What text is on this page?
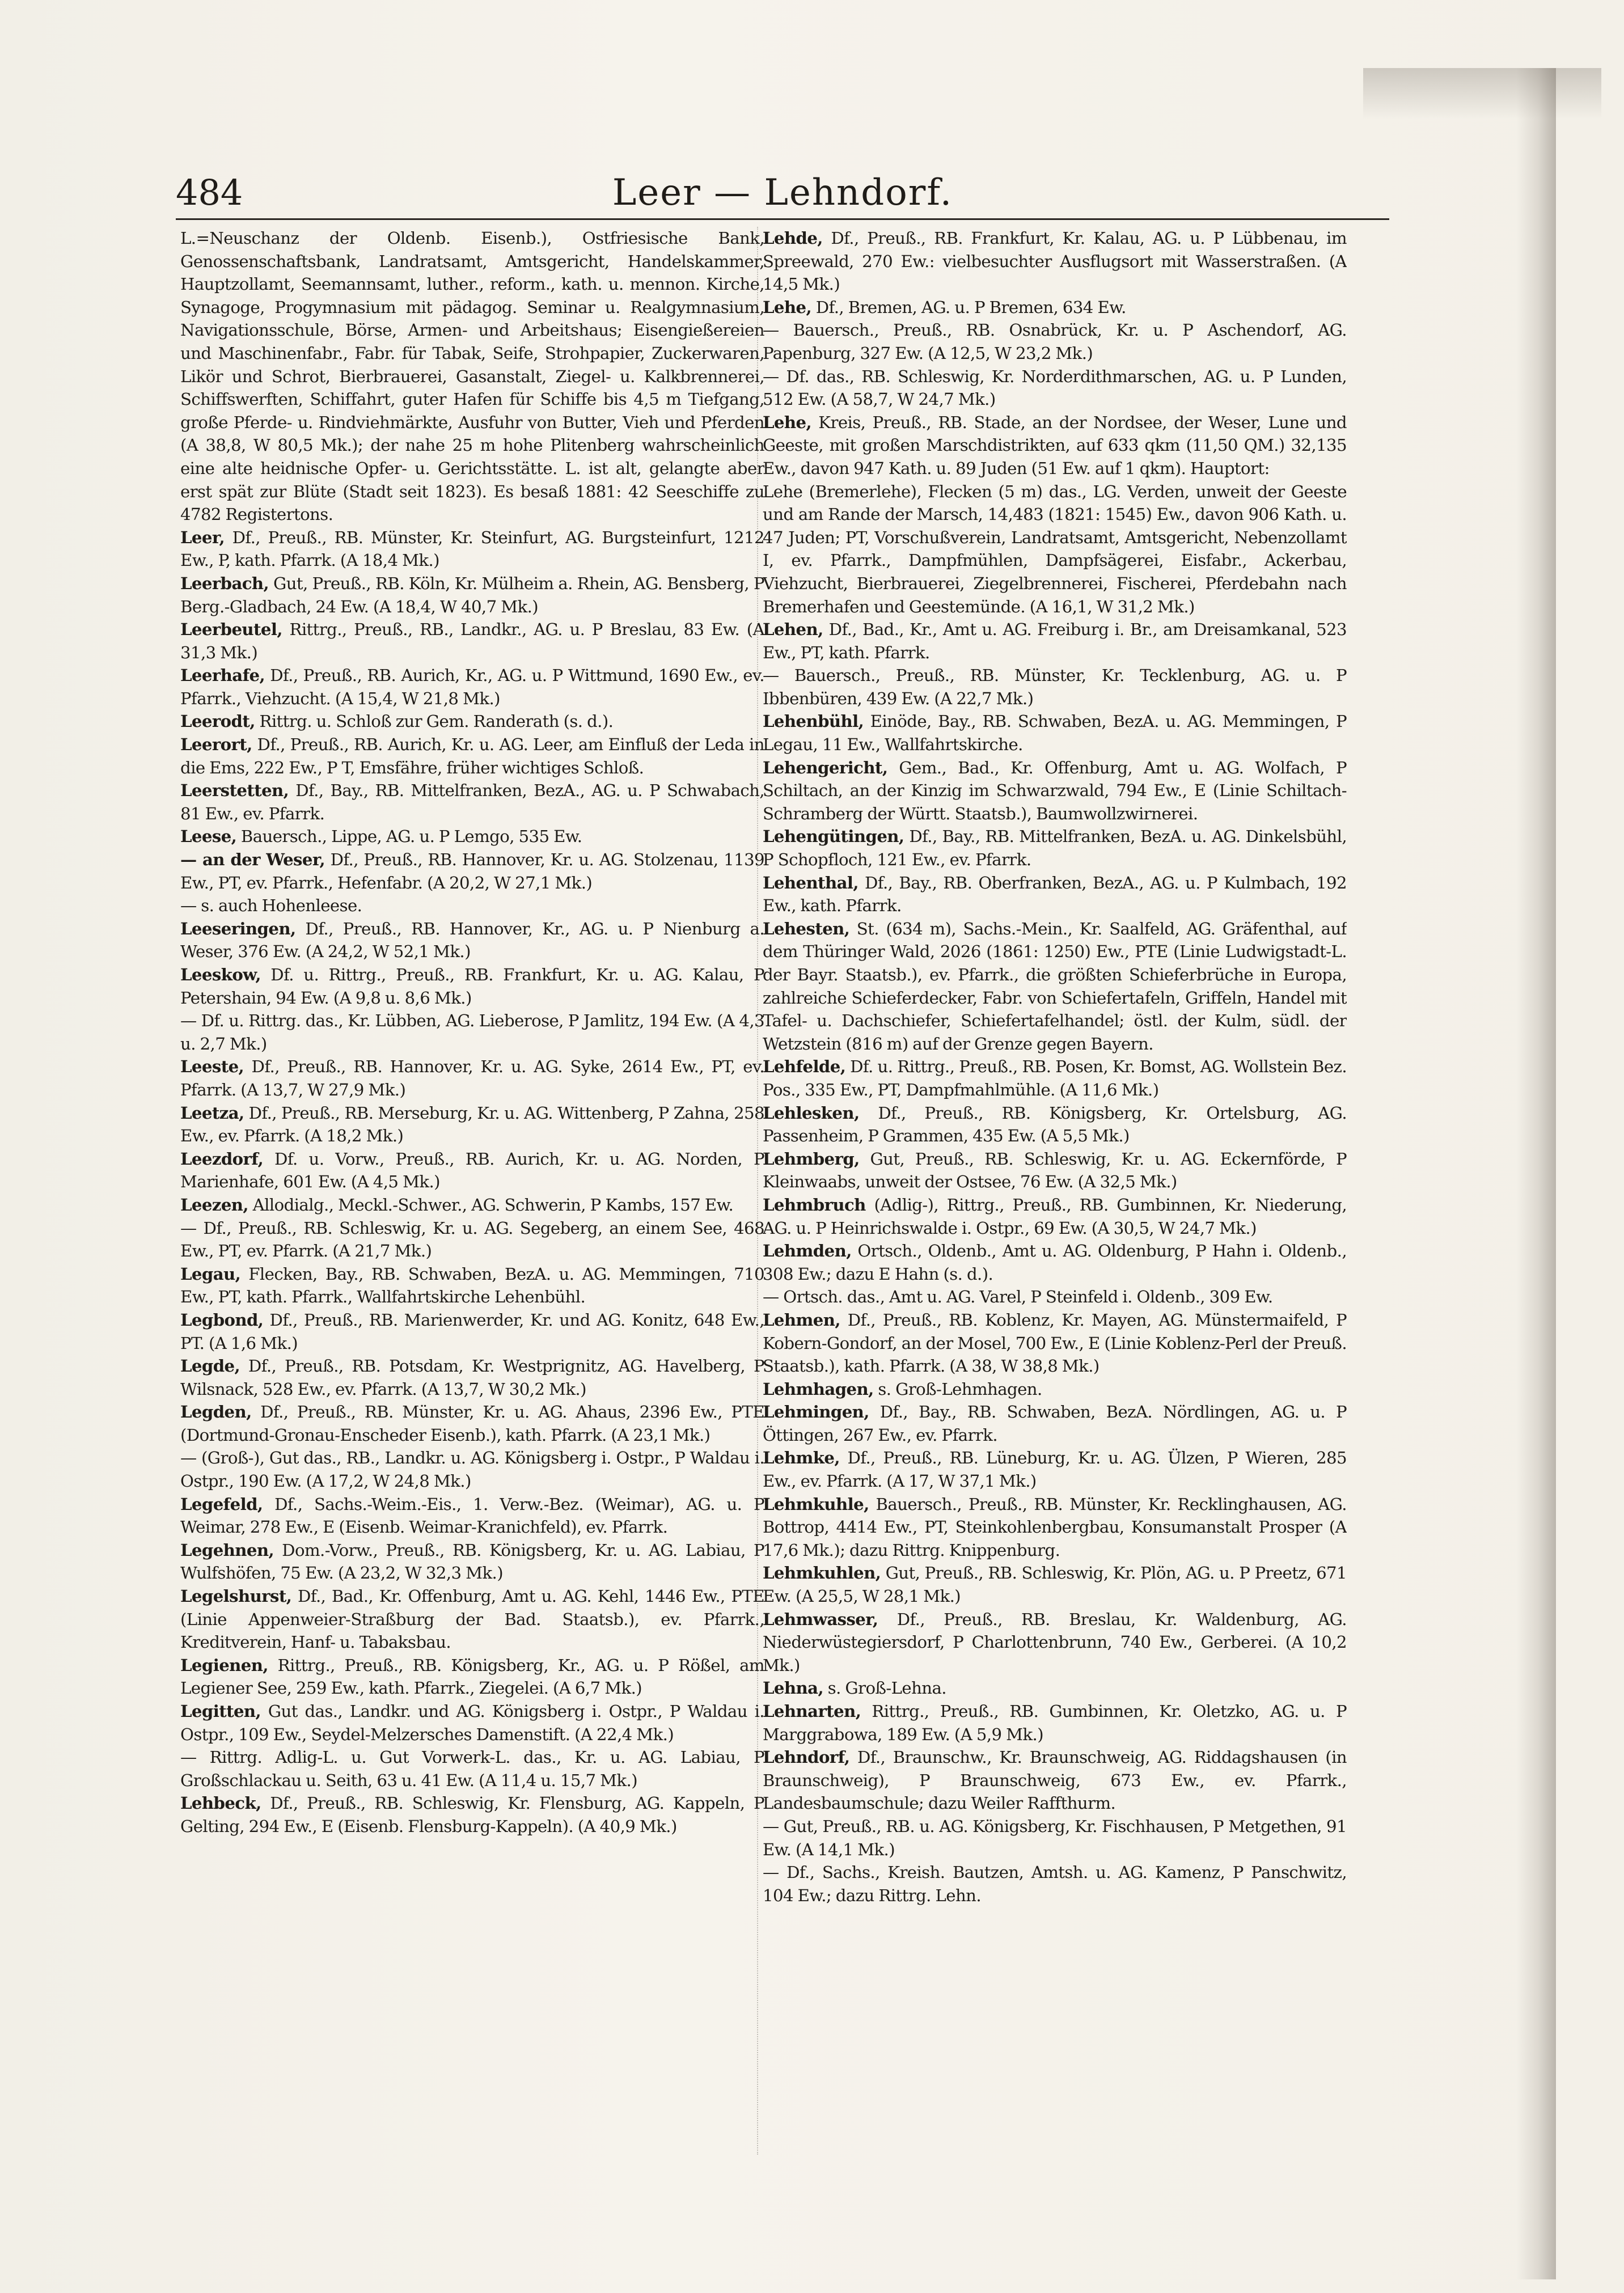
484	Leer — Lehndorf.

L.=Neuschanz der Oldenb. Eisenb.), Ostfriesische Bank, Genossenschaftsbank, Landratsamt, Amtsgericht, Handelskammer, Hauptzollamt, Seemannsamt, luther., reform., kath. u. mennon. Kirche, Synagoge, Progymnasium mit pädagog. Seminar u. Realgymnasium, Navigationsschule, Börse, Armen- und Arbeitshaus; Eisengießereien und Maschinenfabr., Fabr. für Tabak, Seife, Strohpapier, Zuckerwaren, Likör und Schrot, Bierbrauerei, Gasanstalt, Ziegel- u. Kalkbrennerei, Schiffswerften, Schiffahrt, guter Hafen für Schiffe bis 4,5 m Tiefgang, große Pferde- u. Rindviehmärkte, Ausfuhr von Butter, Vieh und Pferden (A 38,8, W 80,5 Mk.); der nahe 25 m hohe Plitenberg wahrscheinlich eine alte heidnische Opfer- u. Gerichtsstätte. L. ist alt, gelangte aber erst spät zur Blüte (Stadt seit 1823). Es besaß 1881: 42 Seeschiffe zu 4782 Registertons.

Leer, Df., Preuß., RB. Münster, Kr. Steinfurt, AG. Burgsteinfurt, 1212 Ew., P, kath. Pfarrk. (A 18,4 Mk.)

Leerbach, Gut, Preuß., RB. Köln, Kr. Mülheim a. Rhein, AG. Bensberg, P Berg.-Gladbach, 24 Ew. (A 18,4, W 40,7 Mk.)

Leerbeutel, Rittrg., Preuß., RB., Landkr., AG. u. P Breslau, 83 Ew. (A 31,3 Mk.)

Leerhafe, Df., Preuß., RB. Aurich, Kr., AG. u. P Wittmund, 1690 Ew., ev. Pfarrk., Viehzucht. (A 15,4, W 21,8 Mk.)

Leerodt, Rittrg. u. Schloß zur Gem. Randerath (s. d.).

Leerort, Df., Preuß., RB. Aurich, Kr. u. AG. Leer, am Einfluß der Leda in die Ems, 222 Ew., P T, Emsfähre, früher wichtiges Schloß.

Leerstetten, Df., Bay., RB. Mittelfranken, BezA., AG. u. P Schwabach, 81 Ew., ev. Pfarrk.

Leese, Bauersch., Lippe, AG. u. P Lemgo, 535 Ew.

— an der Weser, Df., Preuß., RB. Hannover, Kr. u. AG. Stolzenau, 1139 Ew., PT, ev. Pfarrk., Hefenfabr. (A 20,2, W 27,1 Mk.)

— s. auch Hohenleese.

Leeseringen, Df., Preuß., RB. Hannover, Kr., AG. u. P Nienburg a. Weser, 376 Ew. (A 24,2, W 52,1 Mk.)

Leeskow, Df. u. Rittrg., Preuß., RB. Frankfurt, Kr. u. AG. Kalau, P Petershain, 94 Ew. (A 9,8 u. 8,6 Mk.)

— Df. u. Rittrg. das., Kr. Lübben, AG. Lieberose, P Jamlitz, 194 Ew. (A 4,3 u. 2,7 Mk.)

Leeste, Df., Preuß., RB. Hannover, Kr. u. AG. Syke, 2614 Ew., PT, ev. Pfarrk. (A 13,7, W 27,9 Mk.)

Leetza, Df., Preuß., RB. Merseburg, Kr. u. AG. Wittenberg, P Zahna, 258 Ew., ev. Pfarrk. (A 18,2 Mk.)

Leezdorf, Df. u. Vorw., Preuß., RB. Aurich, Kr. u. AG. Norden, P Marienhafe, 601 Ew. (A 4,5 Mk.)

Leezen, Allodialg., Meckl.-Schwer., AG. Schwerin, P Kambs, 157 Ew.

— Df., Preuß., RB. Schleswig, Kr. u. AG. Segeberg, an einem See, 468 Ew., PT, ev. Pfarrk. (A 21,7 Mk.)

Legau, Flecken, Bay., RB. Schwaben, BezA. u. AG. Memmingen, 710 Ew., PT, kath. Pfarrk., Wallfahrtskirche Lehenbühl.

Legbond, Df., Preuß., RB. Marienwerder, Kr. und AG. Konitz, 648 Ew., PT. (A 1,6 Mk.)

Legde, Df., Preuß., RB. Potsdam, Kr. Westprignitz, AG. Havelberg, P Wilsnack, 528 Ew., ev. Pfarrk. (A 13,7, W 30,2 Mk.)

Legden, Df., Preuß., RB. Münster, Kr. u. AG. Ahaus, 2396 Ew., PTE (Dortmund-Gronau-Enscheder Eisenb.), kath. Pfarrk. (A 23,1 Mk.)

— (Groß-), Gut das., RB., Landkr. u. AG. Königsberg i. Ostpr., P Waldau i. Ostpr., 190 Ew. (A 17,2, W 24,8 Mk.)

Legefeld, Df., Sachs.-Weim.-Eis., 1. Verw.-Bez. (Weimar), AG. u. P Weimar, 278 Ew., E (Eisenb. Weimar-Kranichfeld), ev. Pfarrk.

Legehnen, Dom.-Vorw., Preuß., RB. Königsberg, Kr. u. AG. Labiau, P Wulfshöfen, 75 Ew. (A 23,2, W 32,3 Mk.)

Legelshurst, Df., Bad., Kr. Offenburg, Amt u. AG. Kehl, 1446 Ew., PTE (Linie Appenweier-Straßburg der Bad. Staatsb.), ev. Pfarrk., Kreditverein, Hanf- u. Tabaksbau.

Legienen, Rittrg., Preuß., RB. Königsberg, Kr., AG. u. P Rößel, am Legiener See, 259 Ew., kath. Pfarrk., Ziegelei. (A 6,7 Mk.)

Legitten, Gut das., Landkr. und AG. Königsberg i. Ostpr., P Waldau i. Ostpr., 109 Ew., Seydel-Melzersches Damenstift. (A 22,4 Mk.)

— Rittrg. Adlig-L. u. Gut Vorwerk-L. das., Kr. u. AG. Labiau, P Großschlackau u. Seith, 63 u. 41 Ew. (A 11,4 u. 15,7 Mk.)

Lehbeck, Df., Preuß., RB. Schleswig, Kr. Flensburg, AG. Kappeln, P Gelting, 294 Ew., E (Eisenb. Flensburg-Kappeln). (A 40,9 Mk.)

Lehde, Df., Preuß., RB. Frankfurt, Kr. Kalau, AG. u. P Lübbenau, im Spreewald, 270 Ew.: vielbesuchter Ausflugsort mit Wasserstraßen. (A 14,5 Mk.)

Lehe, Df., Bremen, AG. u. P Bremen, 634 Ew.

— Bauersch., Preuß., RB. Osnabrück, Kr. u. P Aschendorf, AG. Papenburg, 327 Ew. (A 12,5, W 23,2 Mk.)

— Df. das., RB. Schleswig, Kr. Norderdithmarschen, AG. u. P Lunden, 512 Ew. (A 58,7, W 24,7 Mk.)

Lehe, Kreis, Preuß., RB. Stade, an der Nordsee, der Weser, Lune und Geeste, mit großen Marschdistrikten, auf 633 qkm (11,50 QM.) 32,135 Ew., davon 947 Kath. u. 89 Juden (51 Ew. auf 1 qkm). Hauptort:

Lehe (Bremerlehe), Flecken (5 m) das., LG. Verden, unweit der Geeste und am Rande der Marsch, 14,483 (1821: 1545) Ew., davon 906 Kath. u. 47 Juden; PT, Vorschußverein, Landratsamt, Amtsgericht, Nebenzollamt I, ev. Pfarrk., Dampfmühlen, Dampfsägerei, Eisfabr., Ackerbau, Viehzucht, Bierbrauerei, Ziegelbrennerei, Fischerei, Pferdebahn nach Bremerhafen und Geestemünde. (A 16,1, W 31,2 Mk.)

Lehen, Df., Bad., Kr., Amt u. AG. Freiburg i. Br., am Dreisamkanal, 523 Ew., PT, kath. Pfarrk.

— Bauersch., Preuß., RB. Münster, Kr. Tecklenburg, AG. u. P Ibbenbüren, 439 Ew. (A 22,7 Mk.)

Lehenbühl, Einöde, Bay., RB. Schwaben, BezA. u. AG. Memmingen, P Legau, 11 Ew., Wallfahrtskirche.

Lehengericht, Gem., Bad., Kr. Offenburg, Amt u. AG. Wolfach, P Schiltach, an der Kinzig im Schwarzwald, 794 Ew., E (Linie Schiltach-Schramberg der Württ. Staatsb.), Baumwollzwirnerei.

Lehengütingen, Df., Bay., RB. Mittelfranken, BezA. u. AG. Dinkelsbühl, P Schopfloch, 121 Ew., ev. Pfarrk.

Lehenthal, Df., Bay., RB. Oberfranken, BezA., AG. u. P Kulmbach, 192 Ew., kath. Pfarrk.

Lehesten, St. (634 m), Sachs.-Mein., Kr. Saalfeld, AG. Gräfenthal, auf dem Thüringer Wald, 2026 (1861: 1250) Ew., PTE (Linie Ludwigstadt-L. der Bayr. Staatsb.), ev. Pfarrk., die größten Schieferbrüche in Europa, zahlreiche Schieferdecker, Fabr. von Schiefertafeln, Griffeln, Handel mit Tafel- u. Dachschiefer, Schiefertafelhandel; östl. der Kulm, südl. der Wetzstein (816 m) auf der Grenze gegen Bayern.

Lehfelde, Df. u. Rittrg., Preuß., RB. Posen, Kr. Bomst, AG. Wollstein Bez. Pos., 335 Ew., PT, Dampfmahlmühle. (A 11,6 Mk.)

Lehlesken, Df., Preuß., RB. Königsberg, Kr. Ortelsburg, AG. Passenheim, P Grammen, 435 Ew. (A 5,5 Mk.)

Lehmberg, Gut, Preuß., RB. Schleswig, Kr. u. AG. Eckernförde, P Kleinwaabs, unweit der Ostsee, 76 Ew. (A 32,5 Mk.)

Lehmbruch (Adlig-), Rittrg., Preuß., RB. Gumbinnen, Kr. Niederung, AG. u. P Heinrichswalde i. Ostpr., 69 Ew. (A 30,5, W 24,7 Mk.)

Lehmden, Ortsch., Oldenb., Amt u. AG. Oldenburg, P Hahn i. Oldenb., 308 Ew.; dazu E Hahn (s. d.).

— Ortsch. das., Amt u. AG. Varel, P Steinfeld i. Oldenb., 309 Ew.

Lehmen, Df., Preuß., RB. Koblenz, Kr. Mayen, AG. Münstermaifeld, P Kobern-Gondorf, an der Mosel, 700 Ew., E (Linie Koblenz-Perl der Preuß. Staatsb.), kath. Pfarrk. (A 38, W 38,8 Mk.)

Lehmhagen, s. Groß-Lehmhagen.

Lehmingen, Df., Bay., RB. Schwaben, BezA. Nördlingen, AG. u. P Öttingen, 267 Ew., ev. Pfarrk.

Lehmke, Df., Preuß., RB. Lüneburg, Kr. u. AG. Ülzen, P Wieren, 285 Ew., ev. Pfarrk. (A 17, W 37,1 Mk.)

Lehmkuhle, Bauersch., Preuß., RB. Münster, Kr. Recklinghausen, AG. Bottrop, 4414 Ew., PT, Steinkohlenbergbau, Konsumanstalt Prosper (A 17,6 Mk.); dazu Rittrg. Knippenburg.

Lehmkuhlen, Gut, Preuß., RB. Schleswig, Kr. Plön, AG. u. P Preetz, 671 Ew. (A 25,5, W 28,1 Mk.)

Lehmwasser, Df., Preuß., RB. Breslau, Kr. Waldenburg, AG. Niederwüstegiersdorf, P Charlottenbrunn, 740 Ew., Gerberei. (A 10,2 Mk.)

Lehna, s. Groß-Lehna.

Lehnarten, Rittrg., Preuß., RB. Gumbinnen, Kr. Oletzko, AG. u. P Marggrabowa, 189 Ew. (A 5,9 Mk.)

Lehndorf, Df., Braunschw., Kr. Braunschweig, AG. Riddagshausen (in Braunschweig), P Braunschweig, 673 Ew., ev. Pfarrk., Landesbaumschule; dazu Weiler Raffthurm.

— Gut, Preuß., RB. u. AG. Königsberg, Kr. Fischhausen, P Metgethen, 91 Ew. (A 14,1 Mk.)

— Df., Sachs., Kreish. Bautzen, Amtsh. u. AG. Kamenz, P Panschwitz, 104 Ew.; dazu Rittrg. Lehn.
